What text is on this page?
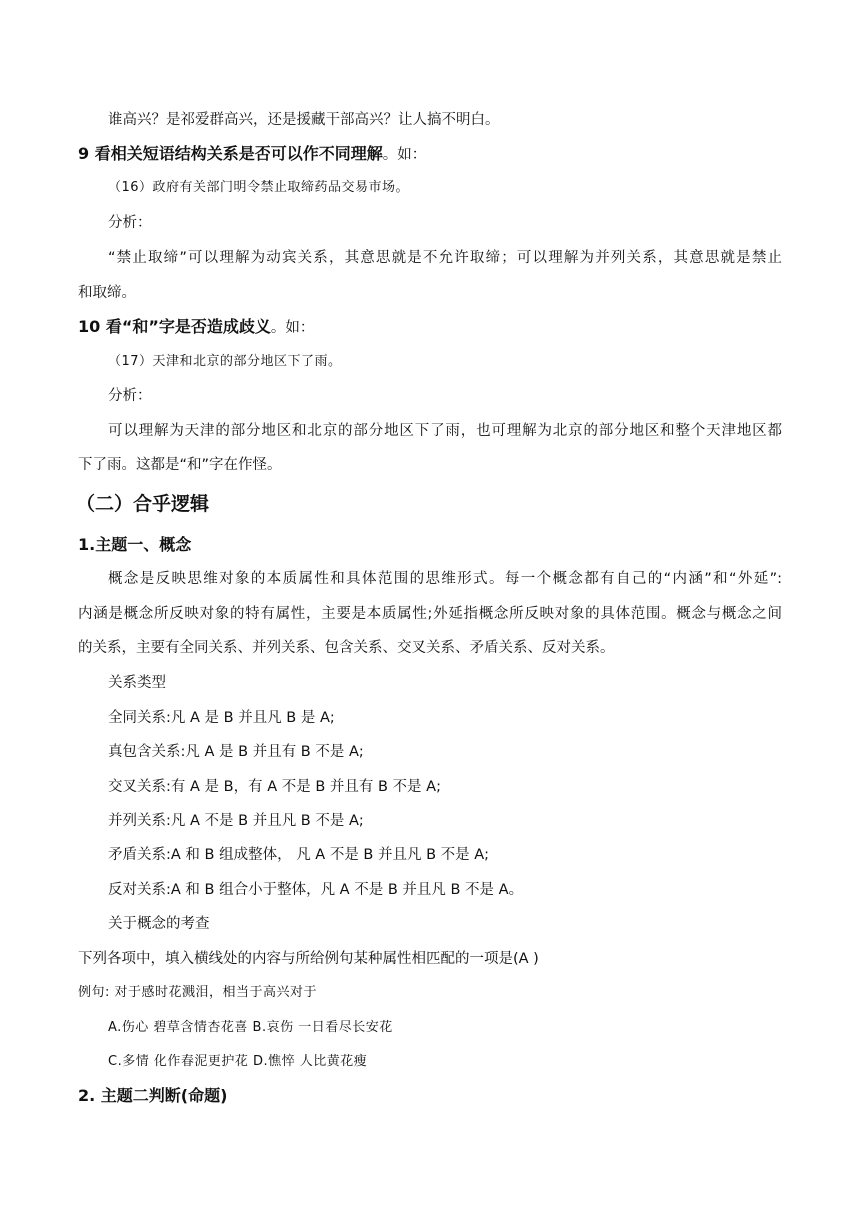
谁高兴？是祁爱群高兴，还是援藏干部高兴？让人搞不明白。
9 看相关短语结构关系是否可以作不同理解。如：
（16）政府有关部门明令禁止取缔药品交易市场。
分析：
“禁止取缔”可以理解为动宾关系，其意思就是不允许取缔；可以理解为并列关系，其意思就是禁止
和取缔。
10 看“和”字是否造成歧义。如：
（17）天津和北京的部分地区下了雨。
分析：
可以理解为天津的部分地区和北京的部分地区下了雨，也可理解为北京的部分地区和整个天津地区都
下了雨。这都是“和”字在作怪。
（二）合乎逻辑
1.主题一、概念
概念是反映思维对象的本质属性和具体范围的思维形式。每一个概念都有自己的“内涵”和“外延”:
内涵是概念所反映对象的特有属性，主要是本质属性;外延指概念所反映对象的具体范围。概念与概念之间
的关系，主要有全同关系、并列关系、包含关系、交叉关系、矛盾关系、反对关系。
关系类型
全同关系:凡 A 是 B 并且凡 B 是 A;
真包含关系:凡 A 是 B 并且有 B 不是 A;
交叉关系:有 A 是 B，有 A 不是 B 并且有 B 不是 A;
并列关系:凡 A 不是 B 并且凡 B 不是 A;
矛盾关系:A 和 B 组成整体， 凡 A 不是 B 并且凡 B 不是 A;
反对关系:A 和 B 组合小于整体，凡 A 不是 B 并且凡 B 不是 A。
关于概念的考查
下列各项中，填入横线处的内容与所给例句某种属性相匹配的一项是(A )
例句: 对于感时花溅泪，相当于高兴对于
A.伤心 碧草含情杏花喜 B.哀伤 一日看尽长安花
C.多情 化作春泥更护花 D.憔悴 人比黄花瘦
2. 主题二判断(命题)
